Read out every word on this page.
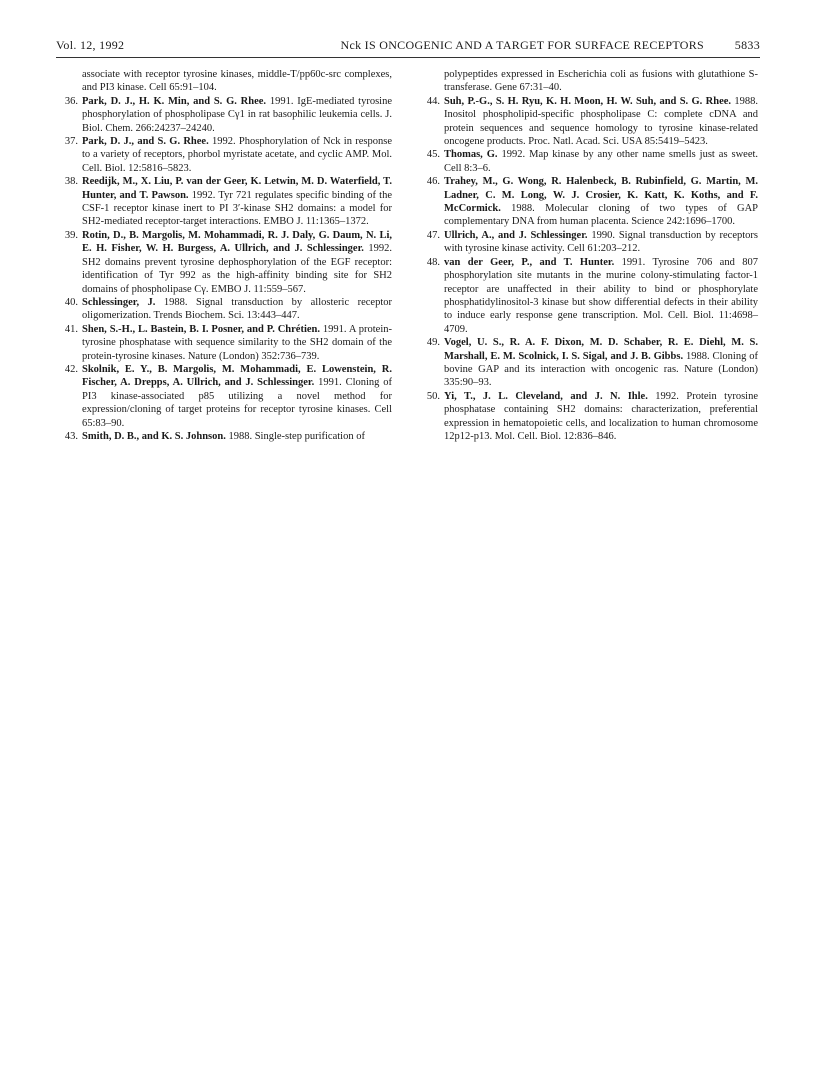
Vol. 12, 1992	Nck IS ONCOGENIC AND A TARGET FOR SURFACE RECEPTORS	5833

associate with receptor tyrosine kinases, middle-T/pp60c-src complexes, and PI3 kinase. Cell 65:91–104.

36. Park, D. J., H. K. Min, and S. G. Rhee. 1991. IgE-mediated tyrosine phosphorylation of phospholipase Cγ1 in rat basophilic leukemia cells. J. Biol. Chem. 266:24237–24240.

37. Park, D. J., and S. G. Rhee. 1992. Phosphorylation of Nck in response to a variety of receptors, phorbol myristate acetate, and cyclic AMP. Mol. Cell. Biol. 12:5816–5823.

38. Reedijk, M., X. Liu, P. van der Geer, K. Letwin, M. D. Waterfield, T. Hunter, and T. Pawson. 1992. Tyr 721 regulates specific binding of the CSF-1 receptor kinase inert to PI 3′-kinase SH2 domains: a model for SH2-mediated receptor-target interactions. EMBO J. 11:1365–1372.

39. Rotin, D., B. Margolis, M. Mohammadi, R. J. Daly, G. Daum, N. Li, E. H. Fisher, W. H. Burgess, A. Ullrich, and J. Schlessinger. 1992. SH2 domains prevent tyrosine dephosphorylation of the EGF receptor: identification of Tyr 992 as the high-affinity binding site for SH2 domains of phospholipase Cγ. EMBO J. 11:559–567.

40. Schlessinger, J. 1988. Signal transduction by allosteric receptor oligomerization. Trends Biochem. Sci. 13:443–447.

41. Shen, S.-H., L. Bastein, B. I. Posner, and P. Chrétien. 1991. A protein-tyrosine phosphatase with sequence similarity to the SH2 domain of the protein-tyrosine kinases. Nature (London) 352:736–739.

42. Skolnik, E. Y., B. Margolis, M. Mohammadi, E. Lowenstein, R. Fischer, A. Drepps, A. Ullrich, and J. Schlessinger. 1991. Cloning of PI3 kinase-associated p85 utilizing a novel method for expression/cloning of target proteins for receptor tyrosine kinases. Cell 65:83–90.

43. Smith, D. B., and K. S. Johnson. 1988. Single-step purification of

polypeptides expressed in Escherichia coli as fusions with glutathione S-transferase. Gene 67:31–40.

44. Suh, P.-G., S. H. Ryu, K. H. Moon, H. W. Suh, and S. G. Rhee. 1988. Inositol phospholipid-specific phospholipase C: complete cDNA and protein sequences and sequence homology to tyrosine kinase-related oncogene products. Proc. Natl. Acad. Sci. USA 85:5419–5423.

45. Thomas, G. 1992. Map kinase by any other name smells just as sweet. Cell 8:3–6.

46. Trahey, M., G. Wong, R. Halenbeck, B. Rubinfield, G. Martin, M. Ladner, C. M. Long, W. J. Crosier, K. Katt, K. Koths, and F. McCormick. 1988. Molecular cloning of two types of GAP complementary DNA from human placenta. Science 242:1696–1700.

47. Ullrich, A., and J. Schlessinger. 1990. Signal transduction by receptors with tyrosine kinase activity. Cell 61:203–212.

48. van der Geer, P., and T. Hunter. 1991. Tyrosine 706 and 807 phosphorylation site mutants in the murine colony-stimulating factor-1 receptor are unaffected in their ability to bind or phosphorylate phosphatidylinositol-3 kinase but show differential defects in their ability to induce early response gene transcription. Mol. Cell. Biol. 11:4698–4709.

49. Vogel, U. S., R. A. F. Dixon, M. D. Schaber, R. E. Diehl, M. S. Marshall, E. M. Scolnick, I. S. Sigal, and J. B. Gibbs. 1988. Cloning of bovine GAP and its interaction with oncogenic ras. Nature (London) 335:90–93.

50. Yi, T., J. L. Cleveland, and J. N. Ihle. 1992. Protein tyrosine phosphatase containing SH2 domains: characterization, preferential expression in hematopoietic cells, and localization to human chromosome 12p12-p13. Mol. Cell. Biol. 12:836–846.
